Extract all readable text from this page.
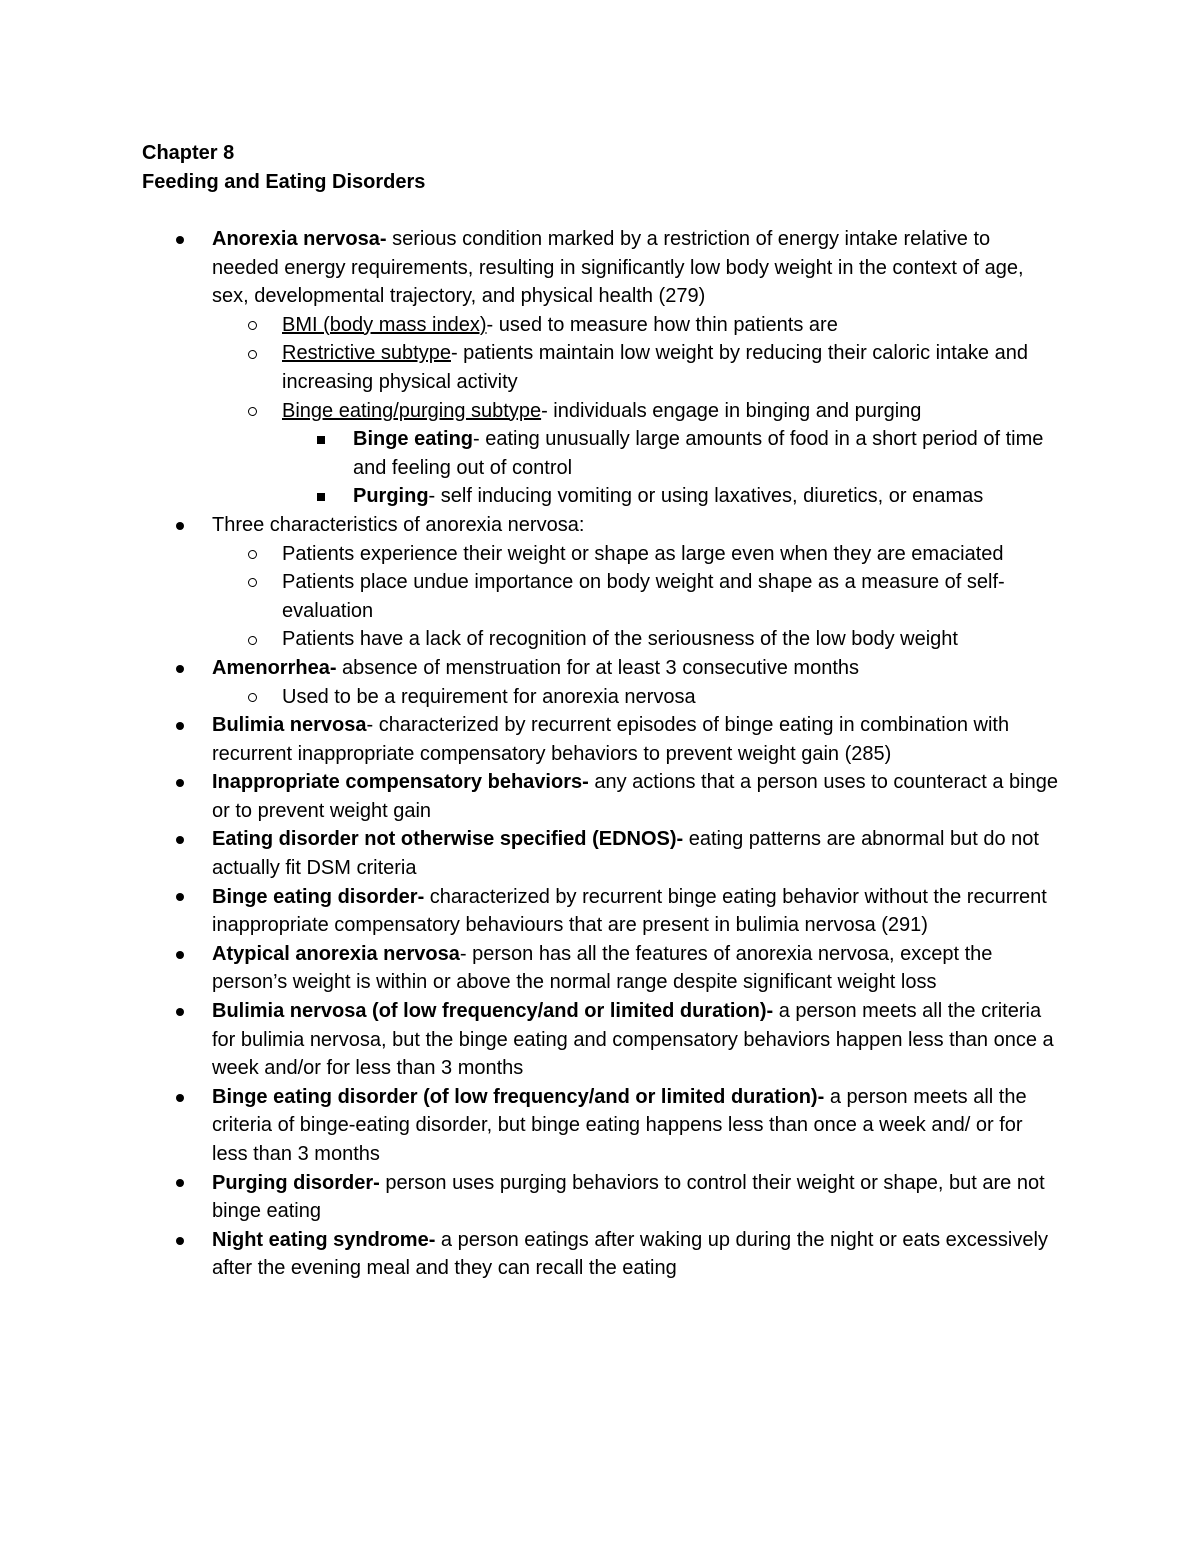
Chapter 8
Feeding and Eating Disorders
Anorexia nervosa- serious condition marked by a restriction of energy intake relative to needed energy requirements, resulting in significantly low body weight in the context of age, sex, developmental trajectory, and physical health (279)
BMI (body mass index)- used to measure how thin patients are
Restrictive subtype- patients maintain low weight by reducing their caloric intake and increasing physical activity
Binge eating/purging subtype- individuals engage in binging and purging
Binge eating- eating unusually large amounts of food in a short period of time and feeling out of control
Purging- self inducing vomiting or using laxatives, diuretics, or enamas
Three characteristics of anorexia nervosa:
Patients experience their weight or shape as large even when they are emaciated
Patients place undue importance on body weight and shape as a measure of self-evaluation
Patients have a lack of recognition of the seriousness of the low body weight
Amenorrhea- absence of menstruation for at least 3 consecutive months
Used to be a requirement for anorexia nervosa
Bulimia nervosa- characterized by recurrent episodes of binge eating in combination with recurrent inappropriate compensatory behaviors to prevent weight gain (285)
Inappropriate compensatory behaviors- any actions that a person uses to counteract a binge or to prevent weight gain
Eating disorder not otherwise specified (EDNOS)- eating patterns are abnormal but do not actually fit DSM criteria
Binge eating disorder- characterized by recurrent binge eating behavior without the recurrent inappropriate compensatory behaviours that are present in bulimia nervosa (291)
Atypical anorexia nervosa- person has all the features of anorexia nervosa, except the person’s weight is within or above the normal range despite significant weight loss
Bulimia nervosa (of low frequency/and or limited duration)- a person meets all the criteria for bulimia nervosa, but the binge eating and compensatory behaviors happen less than once a week and/or for less than 3 months
Binge eating disorder (of low frequency/and or limited duration)- a person meets all the criteria of binge-eating disorder, but binge eating happens less than once a week and/ or for less than 3 months
Purging disorder- person uses purging behaviors to control their weight or shape, but are not binge eating
Night eating syndrome- a person eatings after waking up during the night or eats excessively after the evening meal and they can recall the eating
